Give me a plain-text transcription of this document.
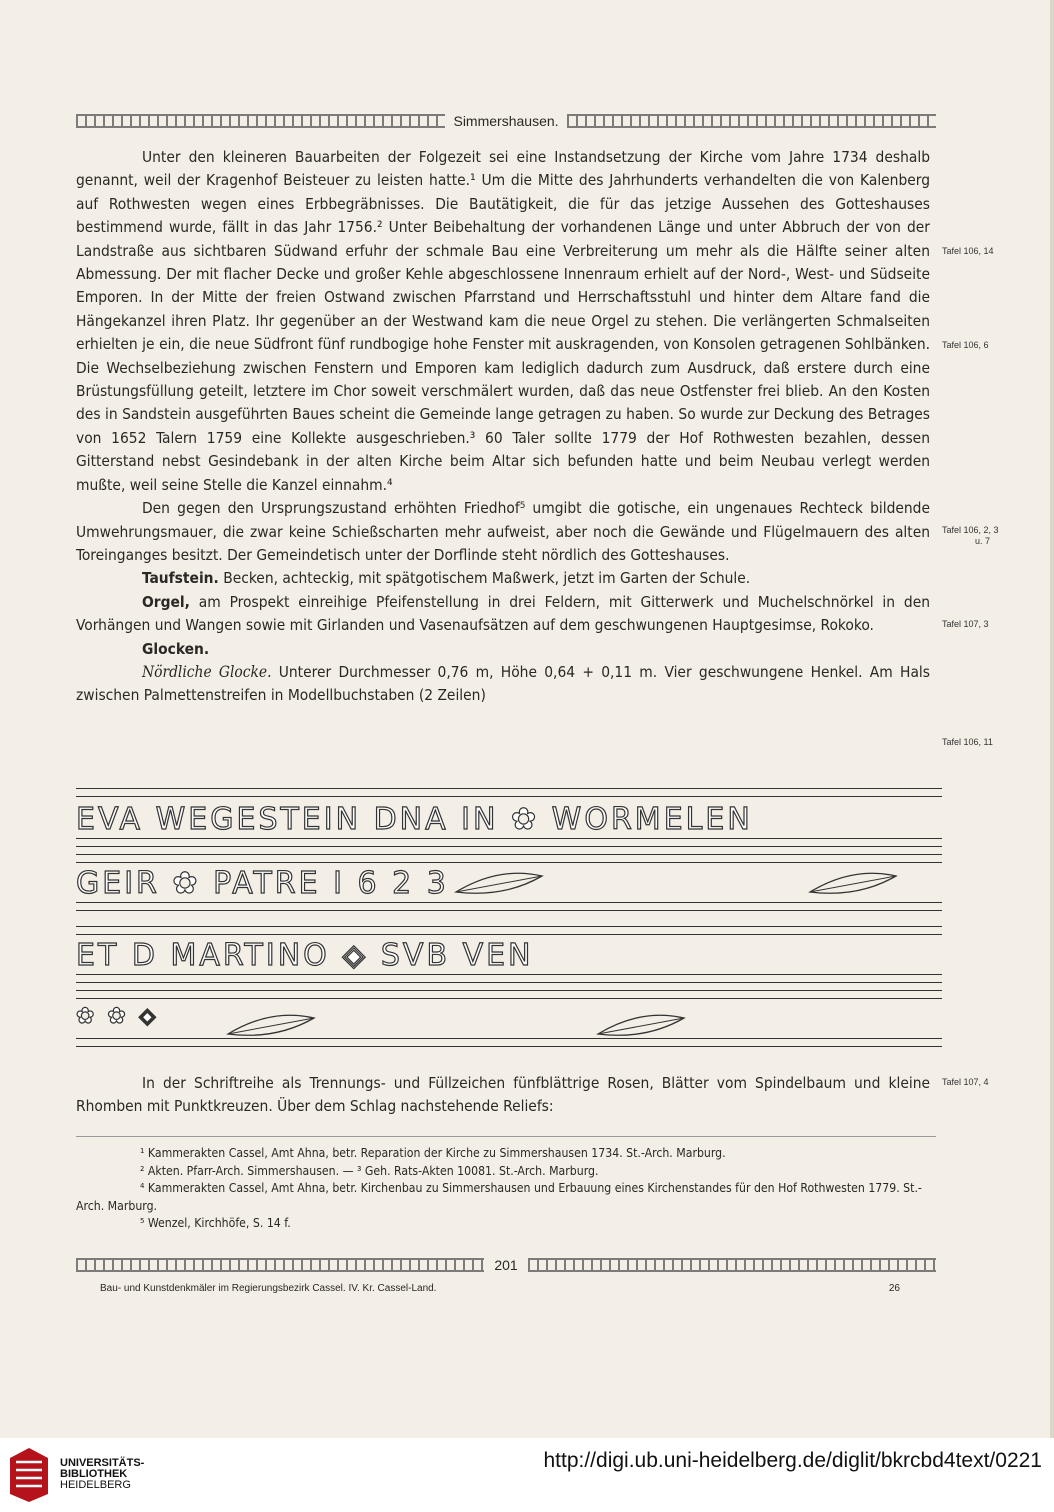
Simmershausen.

Unter den kleineren Bauarbeiten der Folgezeit sei eine Instandsetzung der Kirche vom Jahre 1734 deshalb genannt, weil der Kragenhof Beisteuer zu leisten hatte.¹ Um die Mitte des Jahrhunderts verhandelten die von Kalenberg auf Rothwesten wegen eines Erbbegräbnisses. Die Bautätigkeit, die für das jetzige Aussehen des Gotteshauses bestimmend wurde, fällt in das Jahr 1756.² Unter Beibehaltung der vorhandenen Länge und unter Abbruch der von der Landstraße aus sichtbaren Südwand erfuhr der schmale Bau eine Verbreiterung um mehr als die Hälfte seiner alten Abmessung. Der mit flacher Decke und großer Kehle abgeschlossene Innenraum erhielt auf der Nord-, West- und Südseite Emporen. In der Mitte der freien Ostwand zwischen Pfarrstand und Herrschaftsstuhl und hinter dem Altare fand die Hängekanzel ihren Platz. Ihr gegenüber an der Westwand kam die neue Orgel zu stehen. Die verlängerten Schmalseiten erhielten je ein, die neue Südfront fünf rundbogige hohe Fenster mit auskragenden, von Konsolen getragenen Sohlbänken. Die Wechselbeziehung zwischen Fenstern und Emporen kam lediglich dadurch zum Ausdruck, daß erstere durch eine Brüstungsfüllung geteilt, letztere im Chor soweit verschmälert wurden, daß das neue Ostfenster frei blieb. An den Kosten des in Sandstein ausgeführten Baues scheint die Gemeinde lange getragen zu haben. So wurde zur Deckung des Betrages von 1652 Talern 1759 eine Kollekte ausgeschrieben.³ 60 Taler sollte 1779 der Hof Rothwesten bezahlen, dessen Gitterstand nebst Gesindebank in der alten Kirche beim Altar sich befunden hatte und beim Neubau verlegt werden mußte, weil seine Stelle die Kanzel einnahm.⁴

Den gegen den Ursprungszustand erhöhten Friedhof⁵ umgibt die gotische, ein ungenaues Rechteck bildende Umwehrungsmauer, die zwar keine Schießscharten mehr aufweist, aber noch die Gewände und Flügelmauern des alten Toreinganges besitzt. Der Gemeindetisch unter der Dorflinde steht nördlich des Gotteshauses.

Taufstein. Becken, achteckig, mit spätgotischem Maßwerk, jetzt im Garten der Schule.

Orgel, am Prospekt einreihige Pfeifenstellung in drei Feldern, mit Gitterwerk und Muchelschnörkel in den Vorhängen und Wangen sowie mit Girlanden und Vasenaufsätzen auf dem geschwungenen Hauptgesimse, Rokoko.

Glocken.

Nördliche Glocke. Unterer Durchmesser 0,76 m, Höhe 0,64 + 0,11 m. Vier geschwungene Henkel. Am Hals zwischen Palmettenstreifen in Modellbuchstaben (2 Zeilen)

Tafel 106, 14
Tafel 106, 6
Tafel 106, 2, 3
u. 7
Tafel 107, 3
Tafel 106, 11
EVA WEGESTEIN DNA IN ✿ WORMELEN
GEIR ✿ PATRE I 6 2 3
ET D MARTINO ◈ SVB VEN
✿ ✿ ◈

In der Schriftreihe als Trennungs- und Füllzeichen fünfblättrige Rosen, Blätter vom Spindelbaum und kleine Rhomben mit Punktkreuzen. Über dem Schlag nachstehende Reliefs:

Tafel 107, 4

¹ Kammerakten Cassel, Amt Ahna, betr. Reparation der Kirche zu Simmershausen 1734. St.-Arch. Marburg.

² Akten. Pfarr-Arch. Simmershausen. — ³ Geh. Rats-Akten 10081. St.-Arch. Marburg.

⁴ Kammerakten Cassel, Amt Ahna, betr. Kirchenbau zu Simmershausen und Erbauung eines Kirchenstandes für den Hof Rothwesten 1779. St.-Arch. Marburg.

⁵ Wenzel, Kirchhöfe, S. 14 f.

201
Bau- und Kunstdenkmäler im Regierungsbezirk Cassel. IV. Kr. Cassel-Land.	26
UNIVERSITÄTS-
BIBLIOTHEK
HEIDELBERG
http://digi.ub.uni-heidelberg.de/diglit/bkrcbd4text/0221
